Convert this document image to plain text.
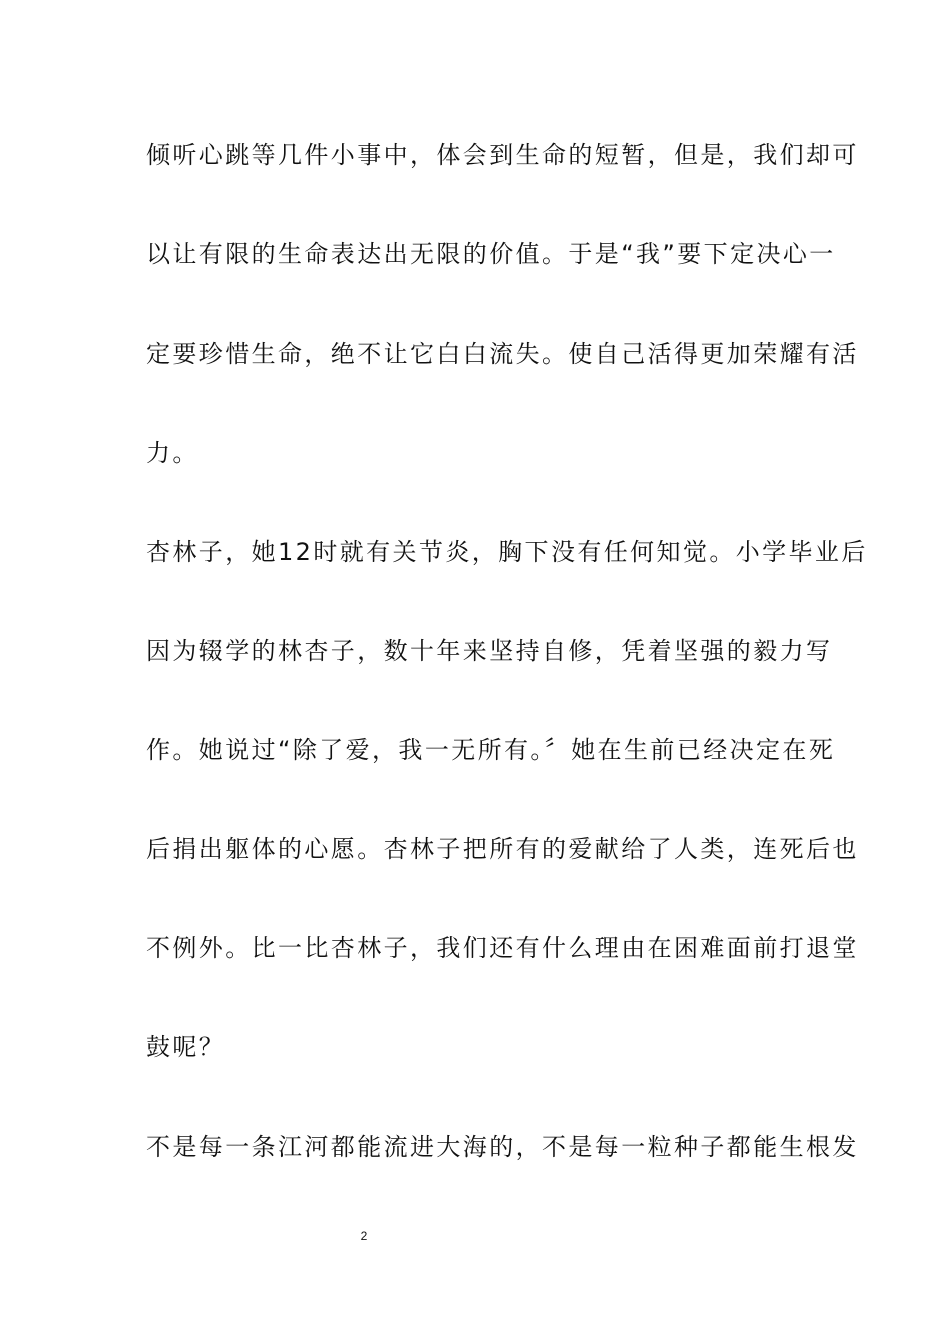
倾听心跳等几件小事中，体会到生命的短暂，但是，我们却可
以让有限的生命表达出无限的价值。于是“我”要下定决心一
定要珍惜生命，绝不让它白白流失。使自己活得更加荣耀有活
力。
杏林子，她12时就有关节炎，胸下没有任何知觉。小学毕业后
因为辍学的林杏子，数十年来坚持自修，凭着坚强的毅力写
作。她说过“除了爱，我一无所有。〞她在生前已经决定在死
后捐出躯体的心愿。杏林子把所有的爱献给了人类，连死后也
不例外。比一比杏林子，我们还有什么理由在困难面前打退堂
鼓呢？
不是每一条江河都能流进大海的，不是每一粒种子都能生根发
2
